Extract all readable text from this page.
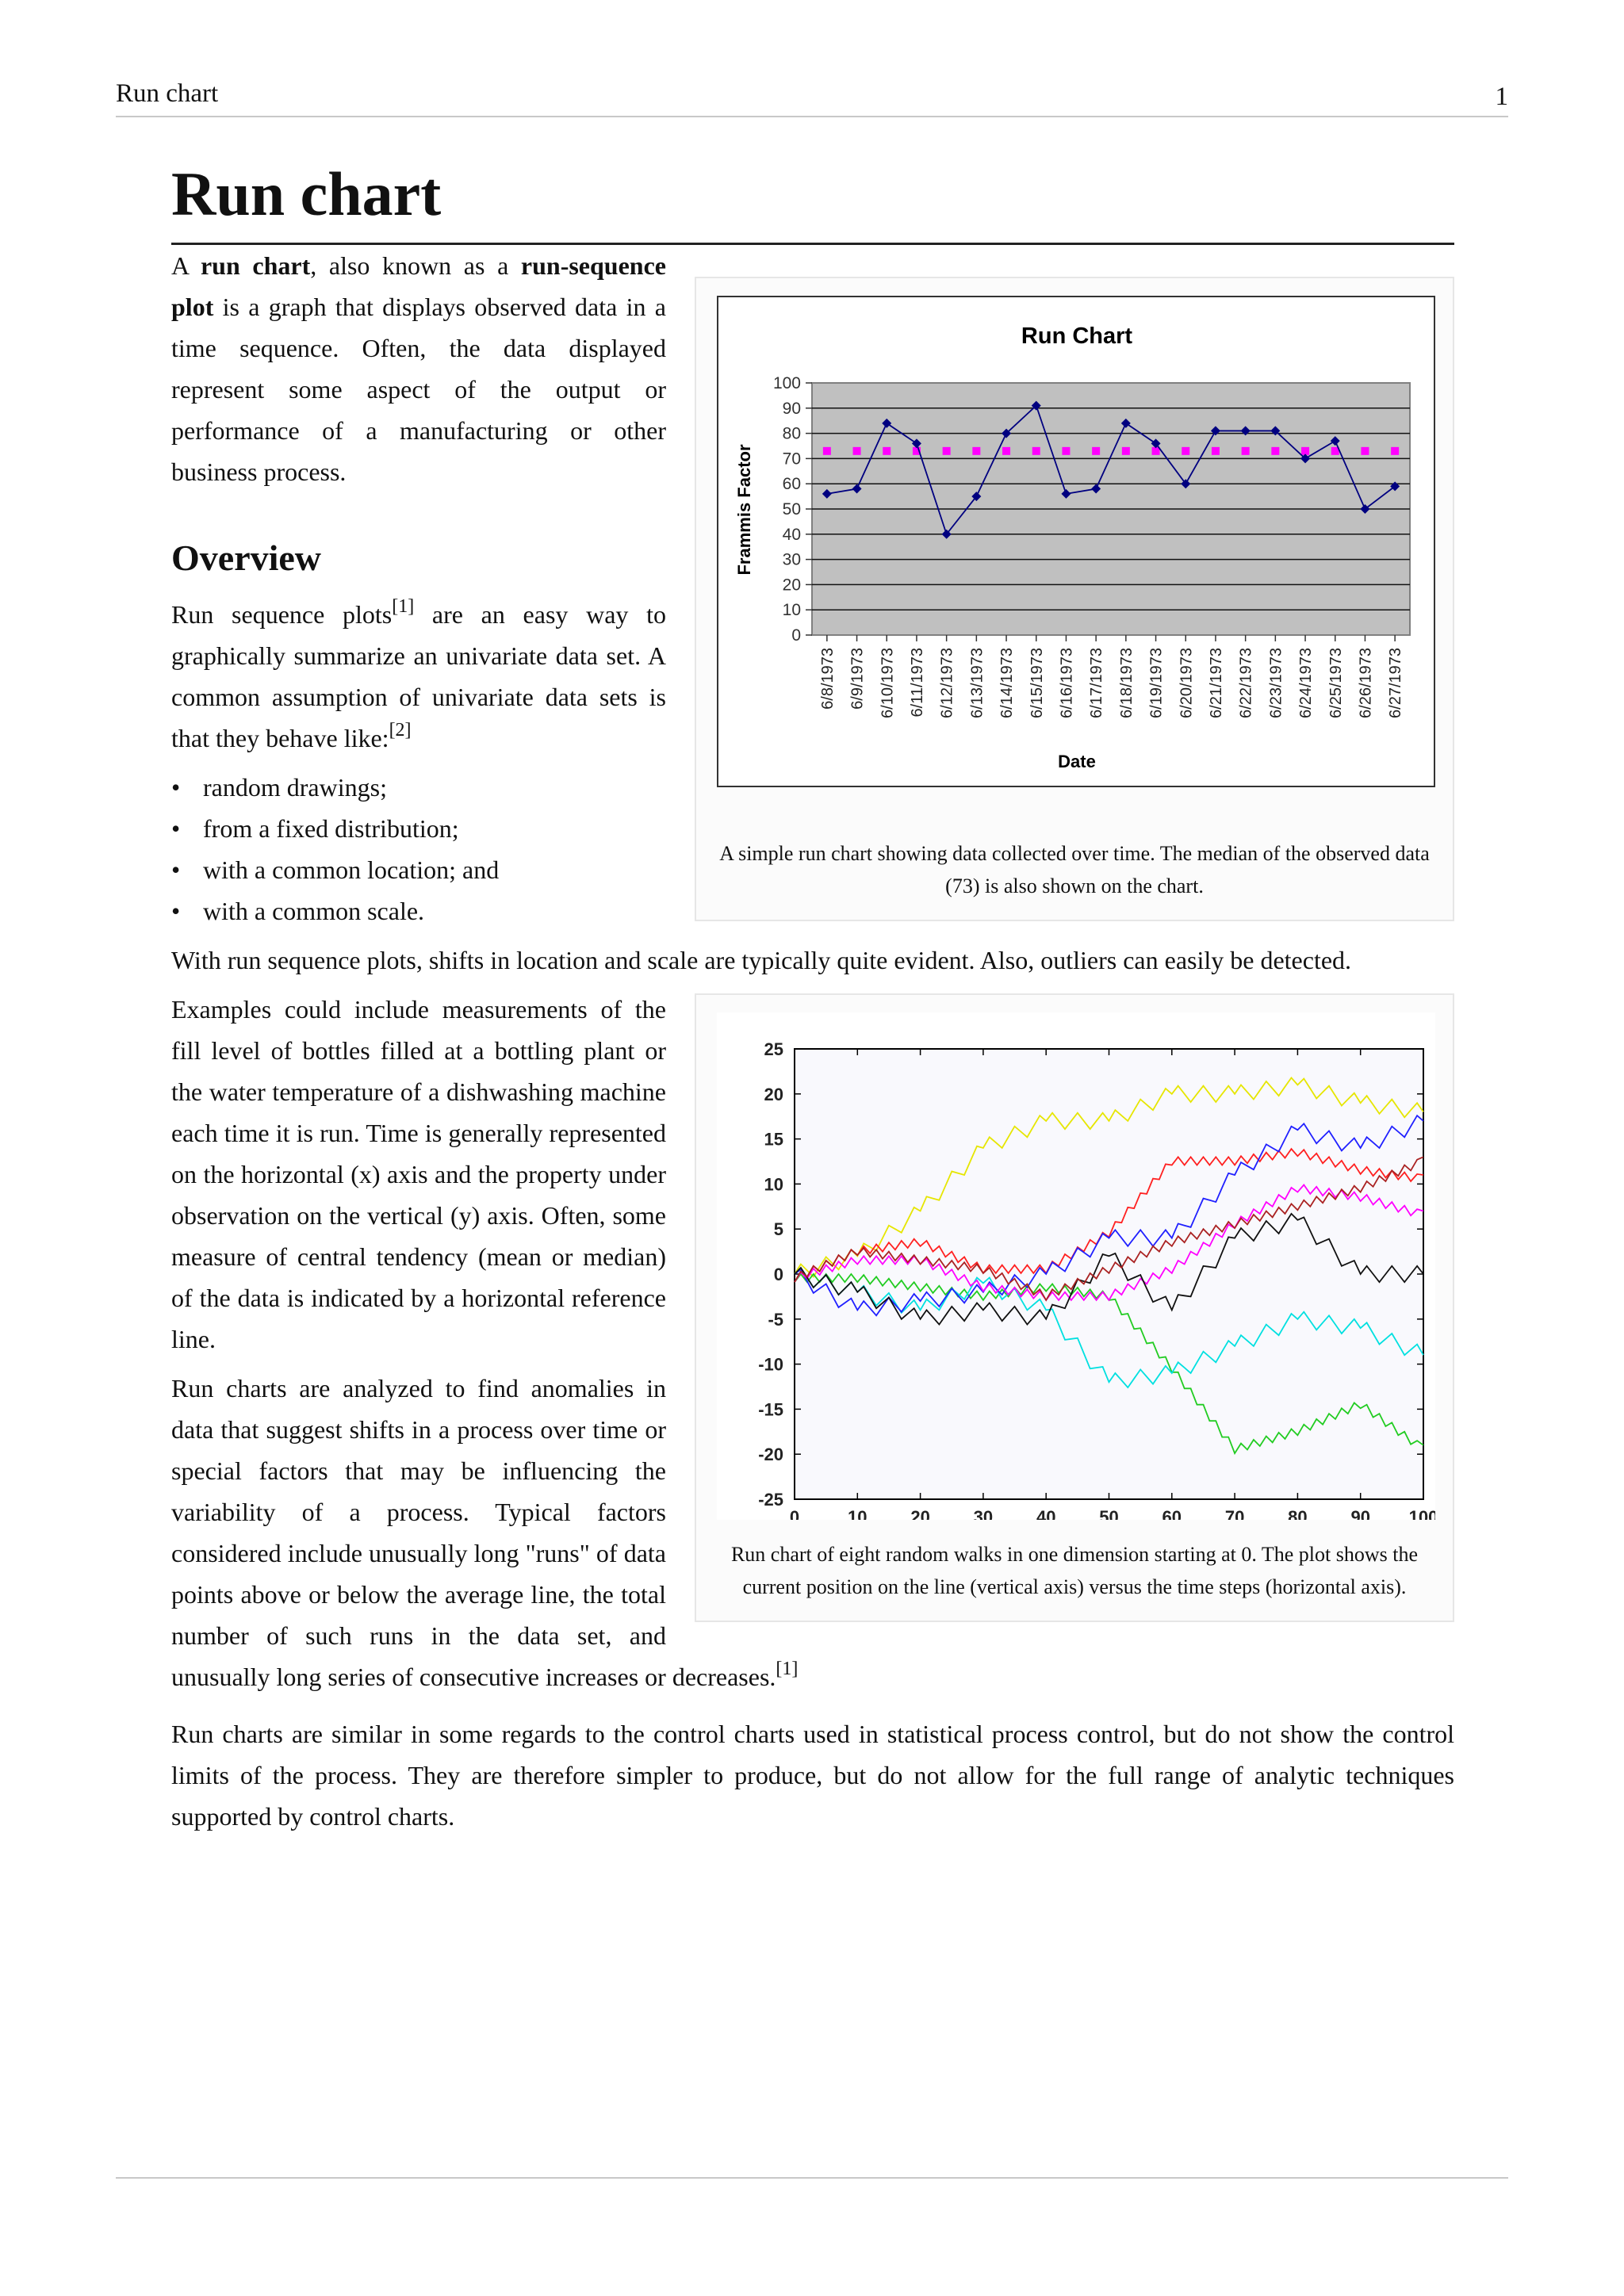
Run chart	1
Run chart
0
10
20
30
40
50
60
70
80
90
100
6/8/1973 6/9/1973 6/10/1973 6/11/1973 6/12/1973 6/13/1973 6/14/1973 6/15/1973 6/16/1973 6/17/1973 6/18/1973 6/19/1973 6/20/1973 6/21/1973 6/22/1973 6/23/1973 6/24/1973 6/25/1973 6/26/1973 6/27/1973
Run Chart
Date
Frammis Factor
A simple run chart showing data collected over time. The median of the observed data (73) is also shown on the chart.

A run chart, also known as a run-sequence plot is a graph that displays observed data in a time sequence. Often, the data displayed represent some aspect of the output or performance of a manufacturing or other business process.

Overview

Run sequence plots[1] are an easy way to graphically summarize an univariate data set. A common assumption of univariate data sets is that they behave like:[2]

• random drawings;
• from a fixed distribution;
• with a common location; and
• with a common scale.

With run sequence plots, shifts in location and scale are typically quite evident. Also, outliers can easily be detected.

25
20
15
10
5
0
-5
-10
-15
-20
-25
0	10 20 30 40 50 60 70 80 90 100
Run chart of eight random walks in one dimension starting at 0. The plot shows the current position on the line (vertical axis) versus the time steps (horizontal axis).

Examples could include measurements of the fill level of bottles filled at a bottling plant or the water temperature of a dishwashing machine each time it is run. Time is generally represented on the horizontal (x) axis and the property under observation on the vertical (y) axis. Often, some measure of central tendency (mean or median) of the data is indicated by a horizontal reference line.

Run charts are analyzed to find anomalies in data that suggest shifts in a process over time or special factors that may be influencing the variability of a process. Typical factors considered include unusually long "runs" of data points above or below the average line, the total number of such runs in the data set, and unusually long series of consecutive increases or decreases.[1]

Run charts are similar in some regards to the control charts used in statistical process control, but do not show the control limits of the process. They are therefore simpler to produce, but do not allow for the full range of analytic techniques supported by control charts.
